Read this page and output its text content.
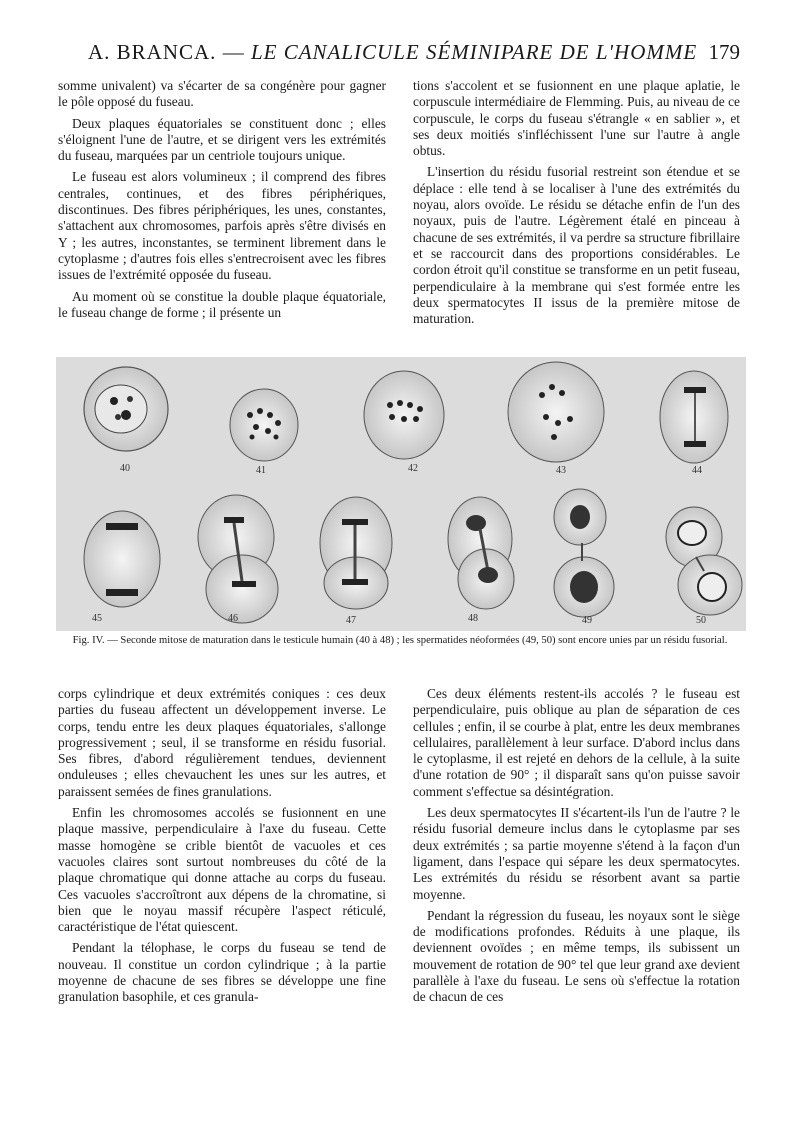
A. BRANCA. — LE CANALICULE SÉMINIPARE DE L'HOMME 179

somme univalent) va s'écarter de sa congénère pour gagner le pôle opposé du fuseau.

Deux plaques équatoriales se constituent donc ; elles s'éloignent l'une de l'autre, et se dirigent vers les extrémités du fuseau, marquées par un centriole toujours unique.

Le fuseau est alors volumineux ; il comprend des fibres centrales, continues, et des fibres périphériques, discontinues. Des fibres périphériques, les unes, constantes, s'attachent aux chromosomes, parfois après s'être divisés en Y ; les autres, inconstantes, se terminent librement dans le cytoplasme ; d'autres fois elles s'entrecroisent avec les fibres issues de l'extrémité opposée du fuseau.

Au moment où se constitue la double plaque équatoriale, le fuseau change de forme ; il présente un

tions s'accolent et se fusionnent en une plaque aplatie, le corpuscule intermédiaire de Flemming. Puis, au niveau de ce corpuscule, le corps du fuseau s'étrangle « en sablier », et ses deux moitiés s'infléchissent l'une sur l'autre à angle obtus.

L'insertion du résidu fusorial restreint son étendue et se déplace : elle tend à se localiser à l'une des extrémités du noyau, alors ovoïde. Le résidu se détache enfin de l'un des noyaux, puis de l'autre. Légèrement étalé en pinceau à chacune de ses extrémités, il va perdre sa structure fibrillaire et se raccourcit dans des proportions considérables. Le cordon étroit qu'il constitue se transforme en un petit fuseau, perpendiculaire à la membrane qui s'est formée entre les deux spermatocytes II issus de la première mitose de maturation.

40	41	42	43	44
45	46	47	48	49	50
Fig. IV. — Seconde mitose de maturation dans le testicule humain (40 à 48) ; les spermatides néoformées (49, 50) sont encore unies par un résidu fusorial.

corps cylindrique et deux extrémités coniques : ces deux parties du fuseau affectent un développement inverse. Le corps, tendu entre les deux plaques équatoriales, s'allonge progressivement ; seul, il se transforme en résidu fusorial. Ses fibres, d'abord régulièrement tendues, deviennent onduleuses ; elles chevauchent les unes sur les autres, et paraissent semées de fines granulations.

Enfin les chromosomes accolés se fusionnent en une plaque massive, perpendiculaire à l'axe du fuseau. Cette masse homogène se crible bientôt de vacuoles et ces vacuoles claires sont surtout nombreuses du côté de la plaque chromatique qui donne attache au corps du fuseau. Ces vacuoles s'accroîtront aux dépens de la chromatine, si bien que le noyau massif récupère l'aspect réticulé, caractéristique de l'état quiescent.

Pendant la télophase, le corps du fuseau se tend de nouveau. Il constitue un cordon cylindrique ; à la partie moyenne de chacune de ses fibres se développe une fine granulation basophile, et ces granula-

Ces deux éléments restent-ils accolés ? le fuseau est perpendiculaire, puis oblique au plan de séparation de ces cellules ; enfin, il se courbe à plat, entre les deux membranes cellulaires, parallèlement à leur surface. D'abord inclus dans le cytoplasme, il est rejeté en dehors de la cellule, à la suite d'une rotation de 90° ; il disparaît sans qu'on puisse savoir comment s'effectue sa désintégration.

Les deux spermatocytes II s'écartent-ils l'un de l'autre ? le résidu fusorial demeure inclus dans le cytoplasme par ses deux extrémités ; sa partie moyenne s'étend à la façon d'un ligament, dans l'espace qui sépare les deux spermatocytes. Les extrémités du résidu se résorbent avant sa partie moyenne.

Pendant la régression du fuseau, les noyaux sont le siège de modifications profondes. Réduits à une plaque, ils deviennent ovoïdes ; en même temps, ils subissent un mouvement de rotation de 90° tel que leur grand axe devient parallèle à l'axe du fuseau. Le sens où s'effectue la rotation de chacun de ces
